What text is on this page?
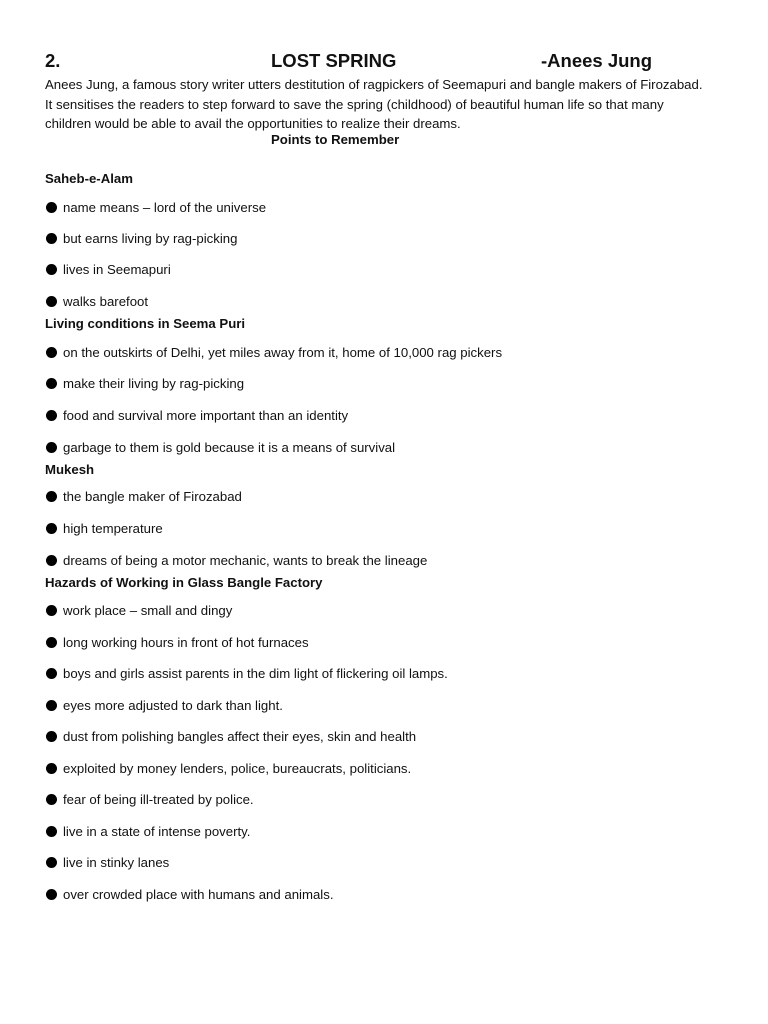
2.	LOST SPRING	-Anees Jung

Anees Jung, a famous story writer utters destitution of ragpickers of Seemapuri and bangle makers of Firozabad. It sensitises the readers to step forward to save the spring (childhood) of beautiful human life so that many children would be able to avail the opportunities to realize their dreams.

Points to Remember
Saheb-e-Alam
name means – lord of the universe
but earns living by rag-picking
lives in Seemapuri
walks barefoot
Living conditions in Seema Puri
on the outskirts of Delhi, yet miles away from it, home of 10,000 rag pickers
make their living by rag-picking
food and survival more important than an identity
garbage to them is gold because it is a means of survival
Mukesh
the bangle maker of Firozabad
high temperature
dreams of being a motor mechanic, wants to break the lineage
Hazards of Working in Glass Bangle Factory
work place – small and dingy
long working hours in front of hot furnaces
boys and girls assist parents in the dim light of flickering oil lamps.
eyes more adjusted to dark than light.
dust from polishing bangles affect their eyes, skin and health
exploited by money lenders, police, bureaucrats, politicians.
fear of being ill-treated by police.
live in a state of intense poverty.
live in stinky lanes
over crowded place with humans and animals.
